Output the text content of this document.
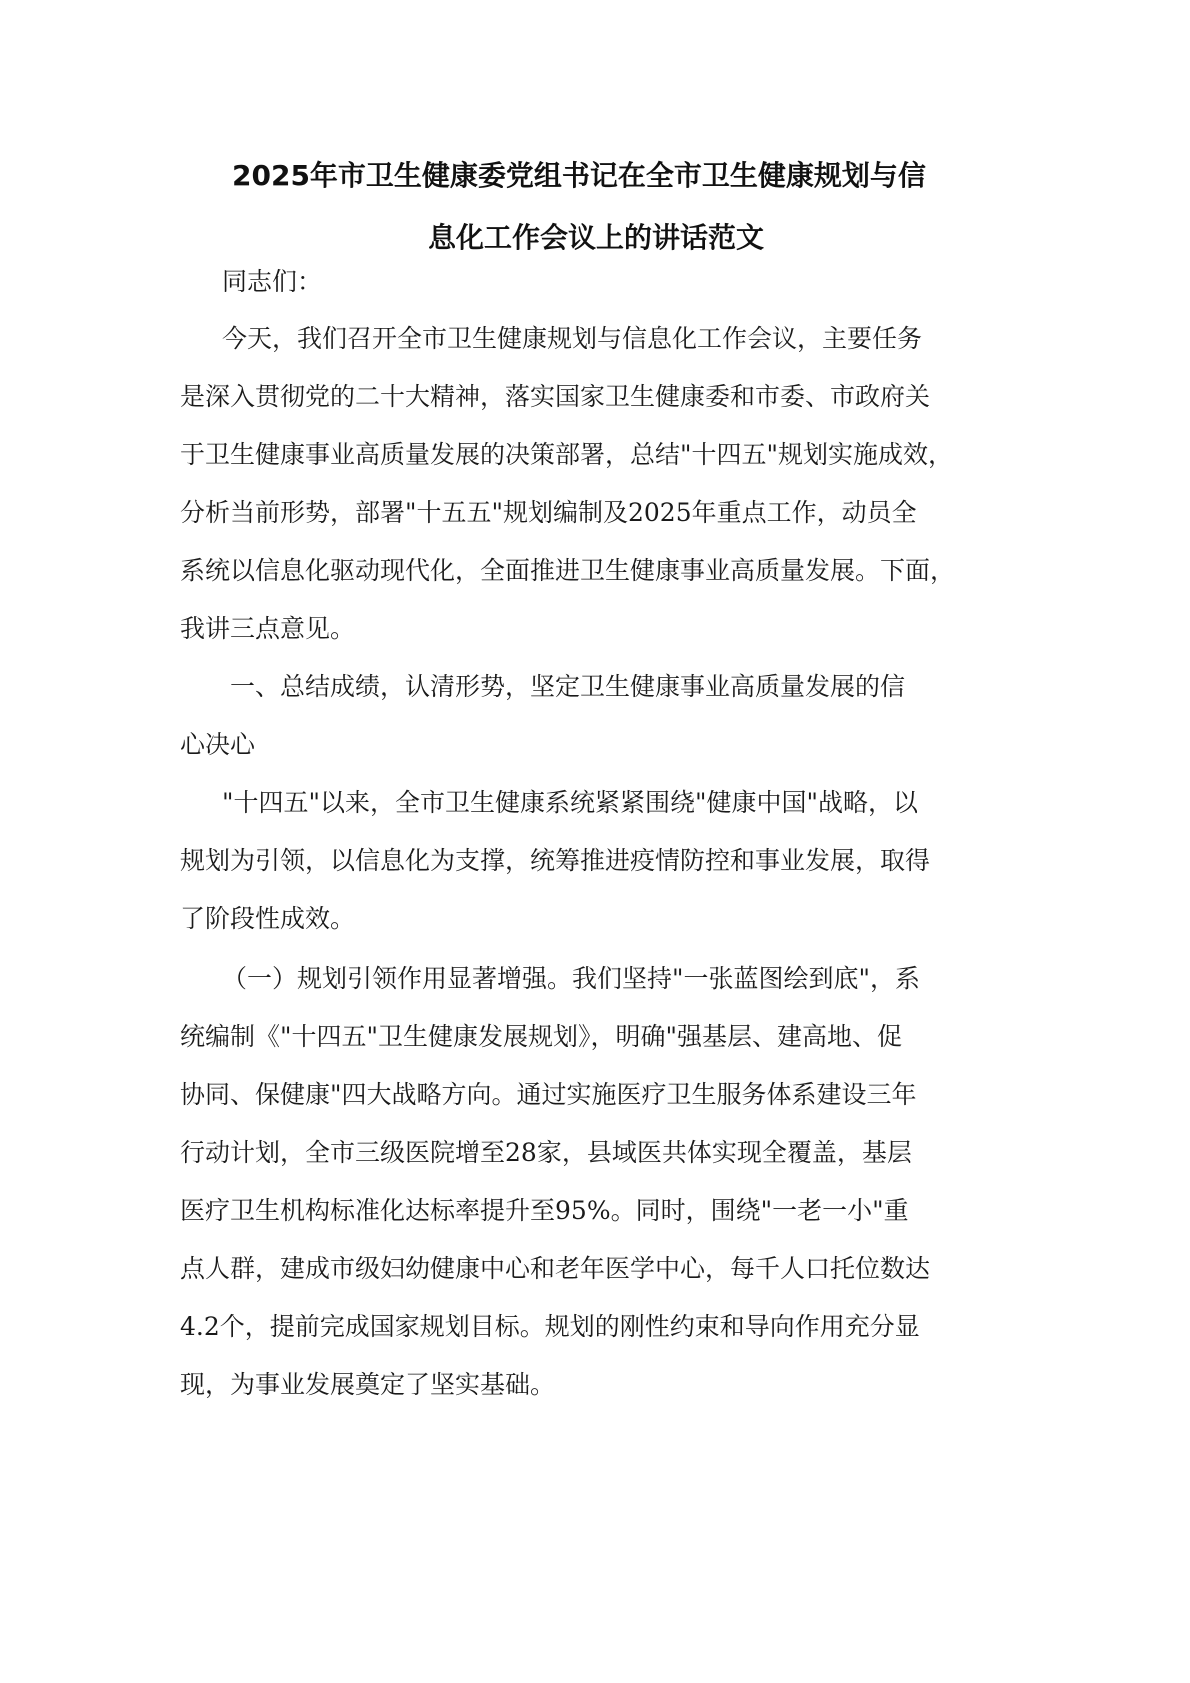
2025年市卫生健康委党组书记在全市卫生健康规划与信
息化工作会议上的讲话范文
同志们：
今天，我们召开全市卫生健康规划与信息化工作会议，主要任务
是深入贯彻党的二十大精神，落实国家卫生健康委和市委、市政府关
于卫生健康事业高质量发展的决策部署，总结"十四五"规划实施成效，
分析当前形势，部署"十五五"规划编制及2025年重点工作，动员全
系统以信息化驱动现代化，全面推进卫生健康事业高质量发展。下面，
我讲三点意见。
一、总结成绩，认清形势，坚定卫生健康事业高质量发展的信
心决心
"十四五"以来，全市卫生健康系统紧紧围绕"健康中国"战略，以
规划为引领，以信息化为支撑，统筹推进疫情防控和事业发展，取得
了阶段性成效。
（一）规划引领作用显著增强。我们坚持"一张蓝图绘到底"，系
统编制《"十四五"卫生健康发展规划》，明确"强基层、建高地、促
协同、保健康"四大战略方向。通过实施医疗卫生服务体系建设三年
行动计划，全市三级医院增至28家，县域医共体实现全覆盖，基层
医疗卫生机构标准化达标率提升至95%。同时，围绕"一老一小"重
点人群，建成市级妇幼健康中心和老年医学中心，每千人口托位数达
4.2个，提前完成国家规划目标。规划的刚性约束和导向作用充分显
现，为事业发展奠定了坚实基础。
